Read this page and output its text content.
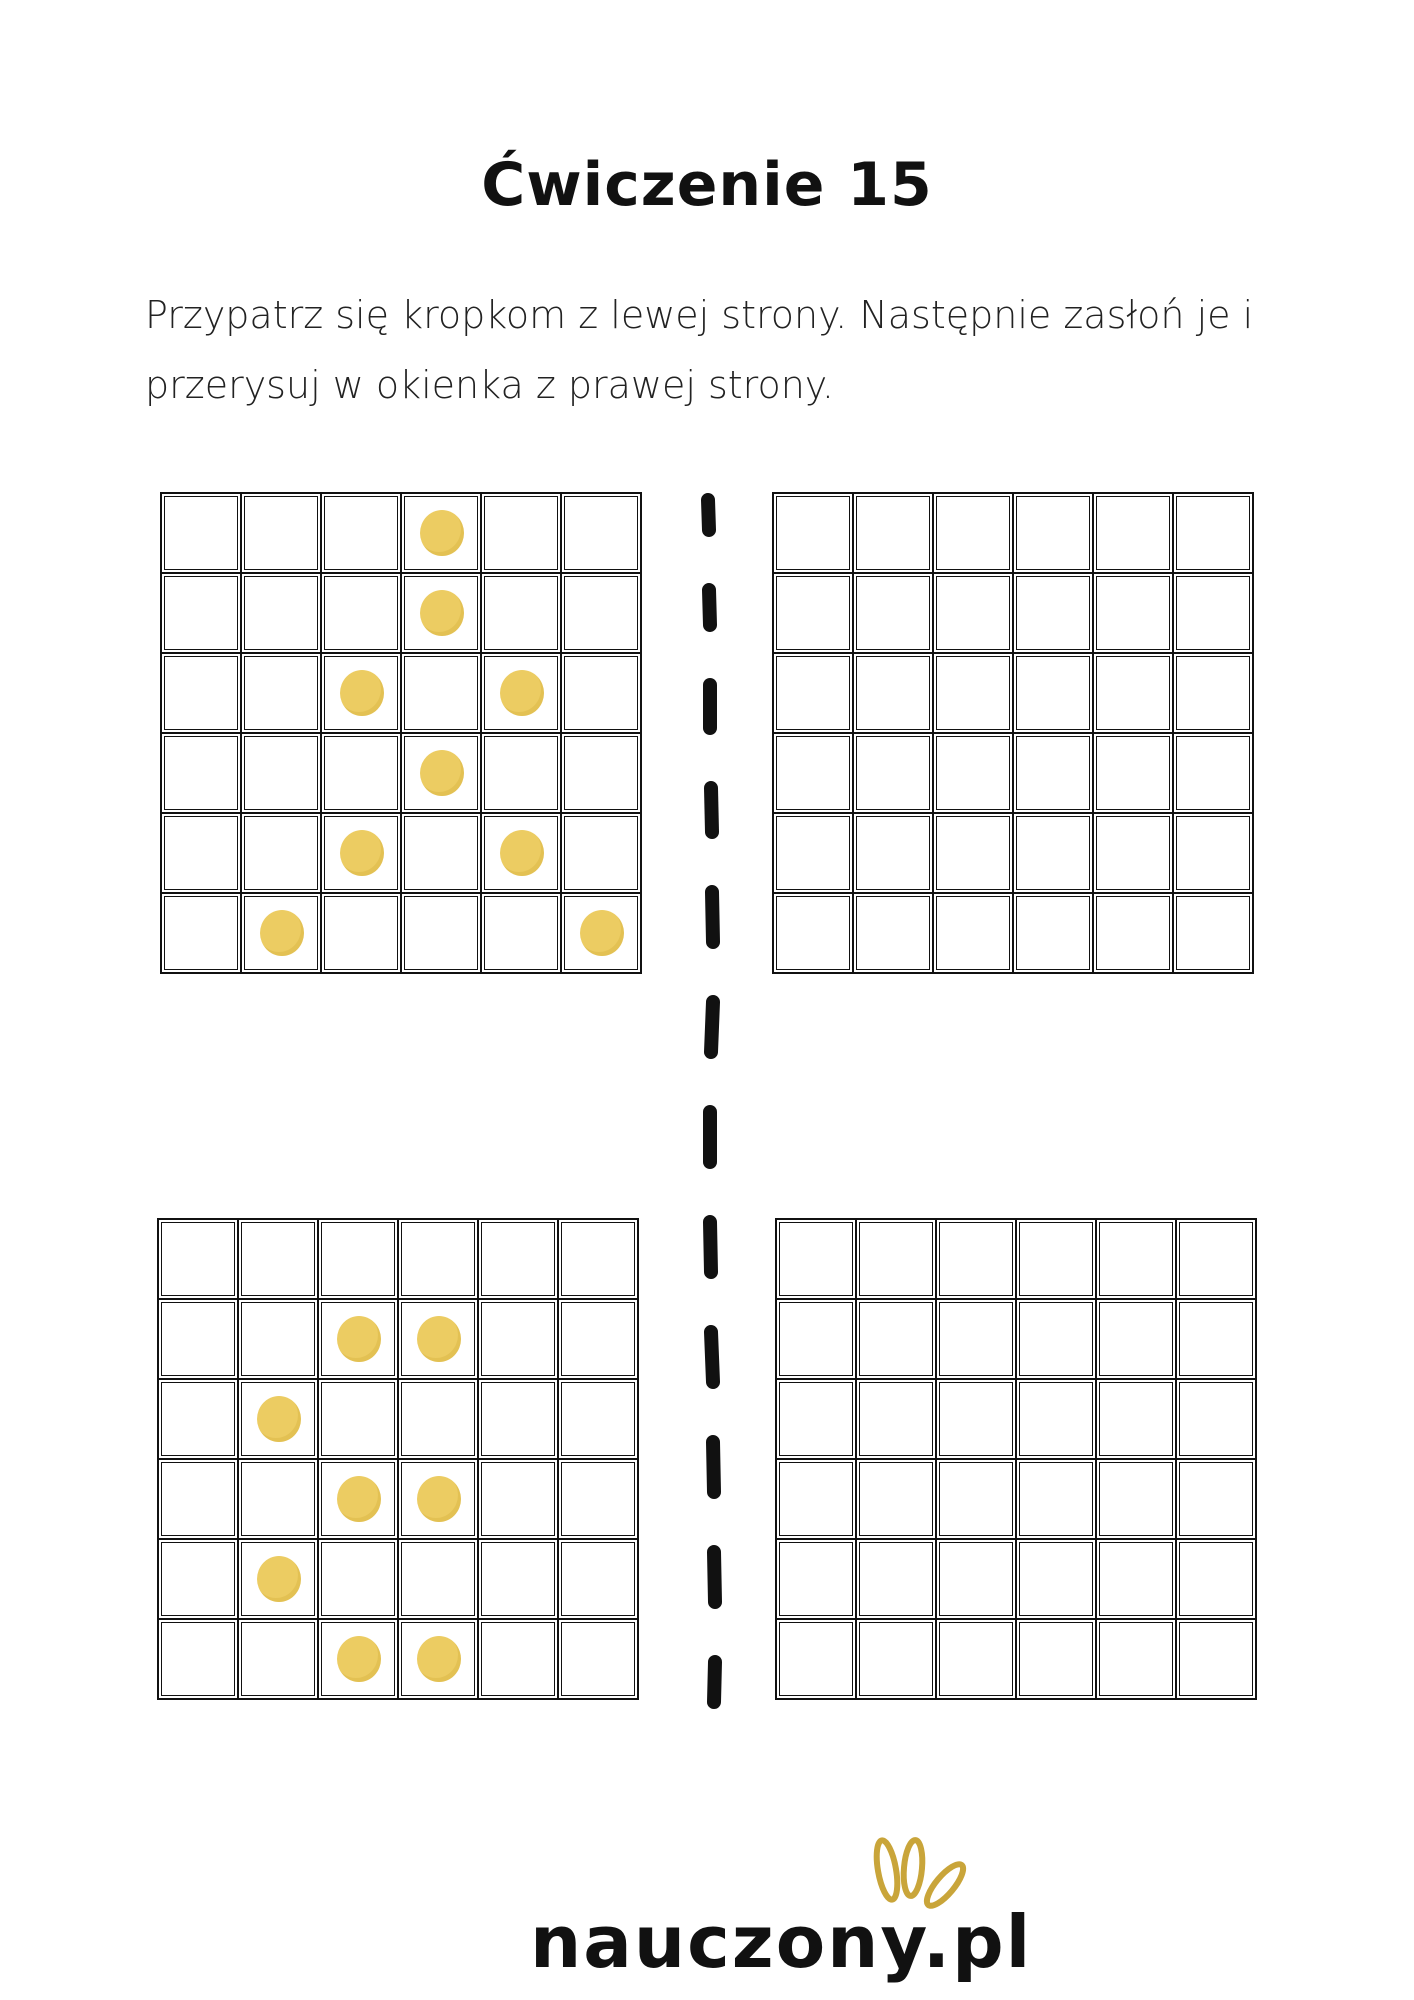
Ćwiczenie 15
Przypatrz się kropkom z lewej strony. Następnie zasłoń je i
przerysuj w okienka z prawej strony.
nauczony.pl
